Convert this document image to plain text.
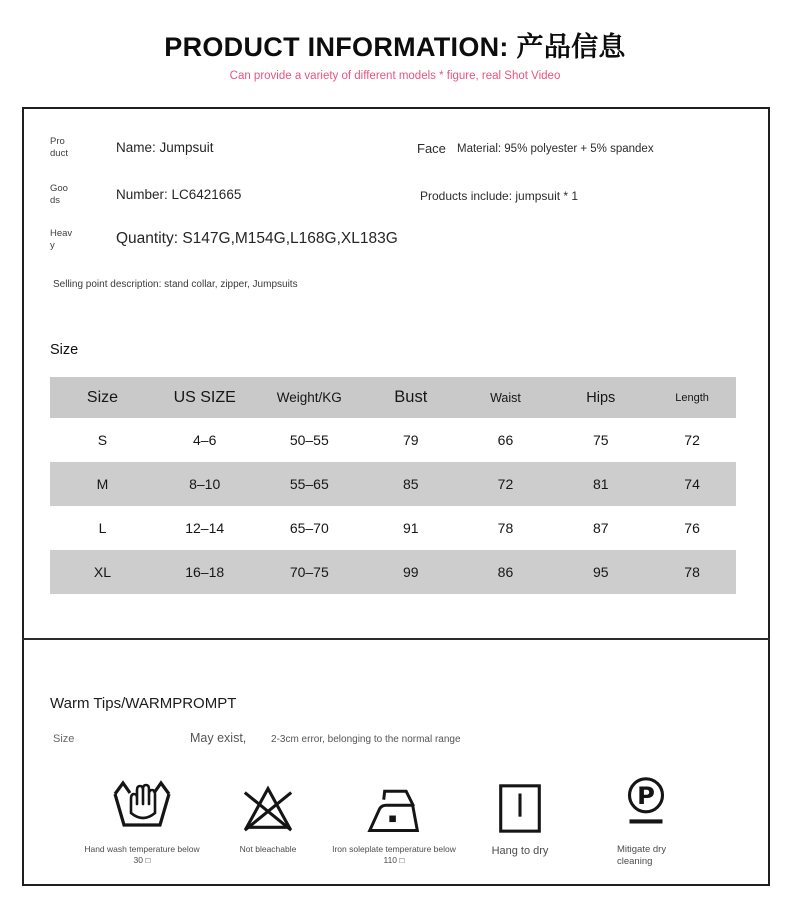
PRODUCT INFORMATION: 产品信息
Can provide a variety of different models * figure, real Shot Video
Pro
duct	Name: Jumpsuit
Goo
ds	Number: LC6421665
Heav
y	Quantity: S147G,M154G,L168G,XL183G
Face Material: 95% polyester + 5% spandex
Products include: jumpsuit * 1
Selling point description: stand collar, zipper, Jumpsuits
Size
Size	US SIZE	Weight/KG	Bust	Waist	Hips	Length
S	4–6	50–55	79	66	75	72
M	8–10	55–65	85	72	81	74
L	12–14	65–70	91	78	87	76
XL	16–18	70–75	99	86	95	78
Warm Tips/WARMPROMPT
Size	May exist, 2-3cm error, belonging to the normal range
Hand wash temperature below 30 □
Not bleachable	Iron soleplate temperature below 110 □
Hang to dry
P
Mitigate dry cleaning
